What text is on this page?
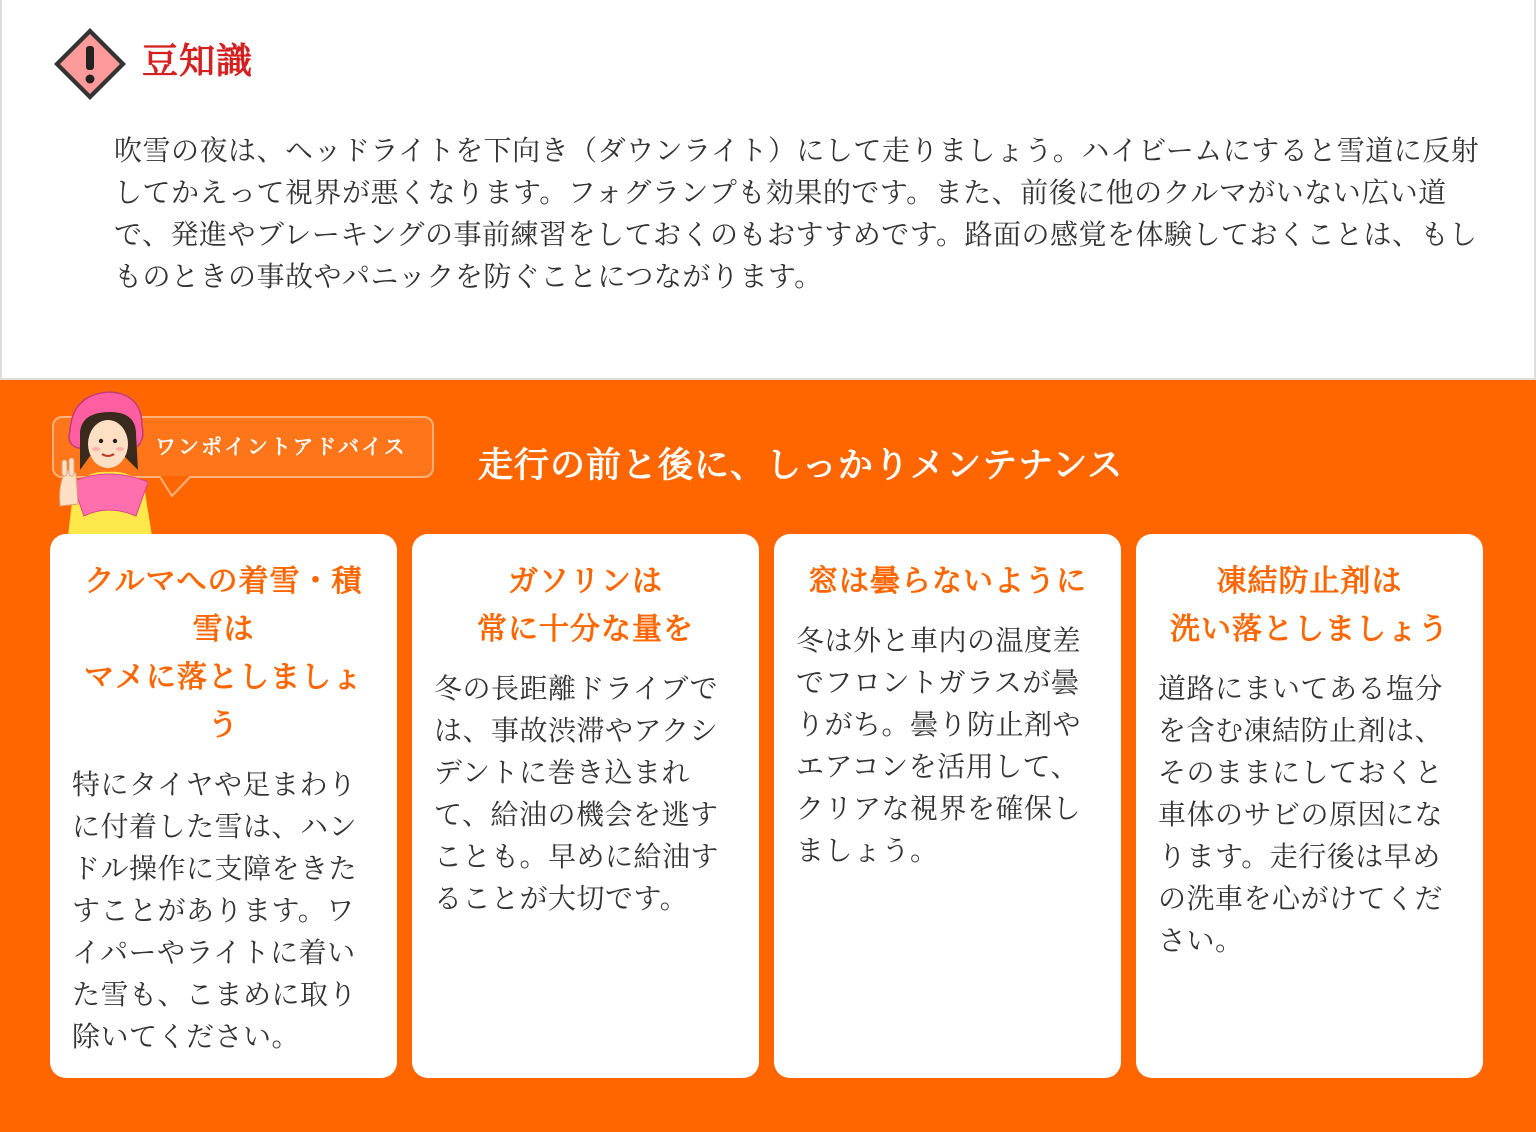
豆知識
吹雪の夜は、ヘッドライトを下向き（ダウンライト）にして走りましょう。ハイビームにすると雪道に反射してかえって視界が悪くなります。フォグランプも効果的です。また、前後に他のクルマがいない広い道で、発進やブレーキングの事前練習をしておくのもおすすめです。路面の感覚を体験しておくことは、もしものときの事故やパニックを防ぐことにつながります。
ワンポイントアドバイス 走行の前と後に、しっかりメンテナンス
クルマへの着雪・積雪は
マメに落としましょう
特にタイヤや足まわりに付着した雪は、ハンドル操作に支障をきたすことがあります。ワイパーやライトに着いた雪も、こまめに取り除いてください。
ガソリンは
常に十分な量を
冬の長距離ドライブでは、事故渋滞やアクシデントに巻き込まれて、給油の機会を逃すことも。早めに給油することが大切です。
窓は曇らないように
冬は外と車内の温度差でフロントガラスが曇りがち。曇り防止剤やエアコンを活用して、クリアな視界を確保しましょう。
凍結防止剤は
洗い落としましょう
道路にまいてある塩分を含む凍結防止剤は、そのままにしておくと車体のサビの原因になります。走行後は早めの洗車を心がけてください。
